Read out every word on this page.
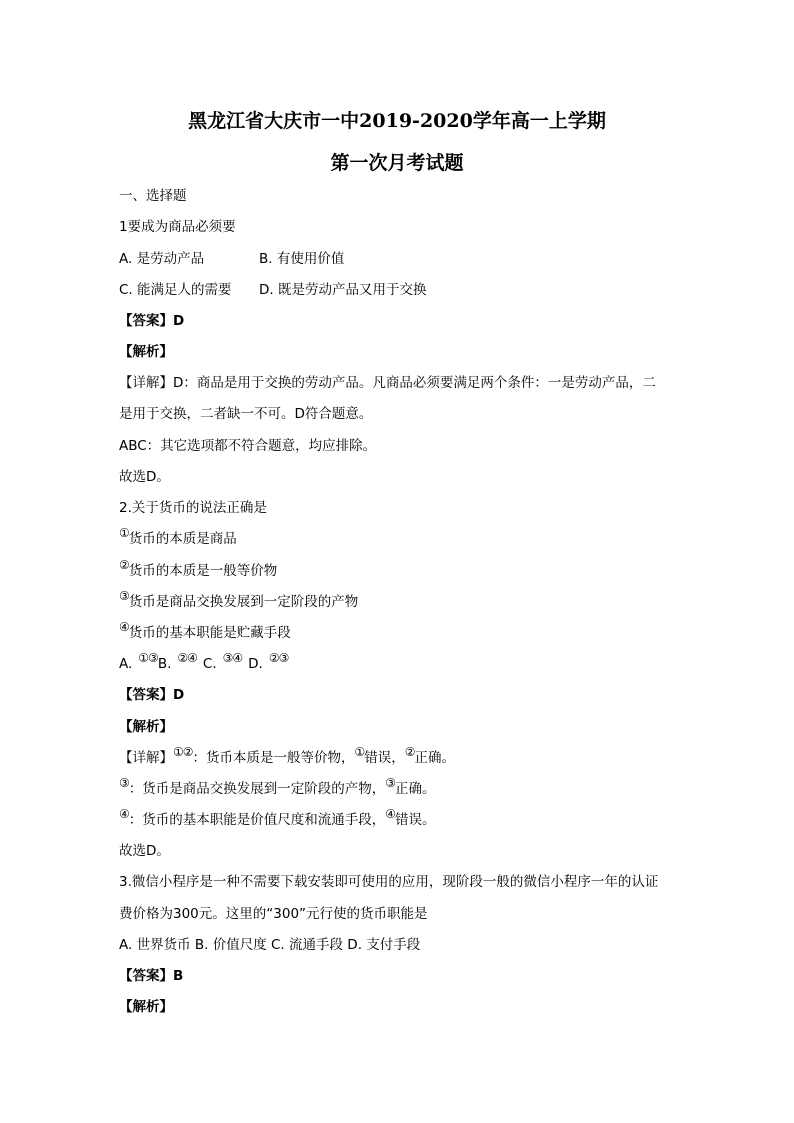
黑龙江省大庆市一中2019-2020学年高一上学期
第一次月考试题
一、选择题
1要成为商品必须要
A. 是劳动产品	B. 有使用价值
C. 能满足人的需要 D. 既是劳动产品又用于交换
【答案】D
【解析】
【详解】D：商品是用于交换的劳动产品。凡商品必须要满足两个条件：一是劳动产品，二
是用于交换，二者缺一不可。D符合题意。
ABC：其它选项都不符合题意，均应排除。
故选D。
2.关于货币的说法正确是
①货币的本质是商品
②货币的本质是一般等价物
③货币是商品交换发展到一定阶段的产物
④货币的基本职能是贮藏手段
A. ①③B. ②④ C. ③④ D. ②③
【答案】D
【解析】
【详解】①②：货币本质是一般等价物，①错误，②正确。
③：货币是商品交换发展到一定阶段的产物，③正确。
④：货币的基本职能是价值尺度和流通手段，④错误。
故选D。
3.微信小程序是一种不需要下载安装即可使用的应用，现阶段一般的微信小程序一年的认证
费价格为300元。这里的“300”元行使的货币职能是
A. 世界货币 B. 价值尺度 C. 流通手段 D. 支付手段
【答案】B
【解析】
